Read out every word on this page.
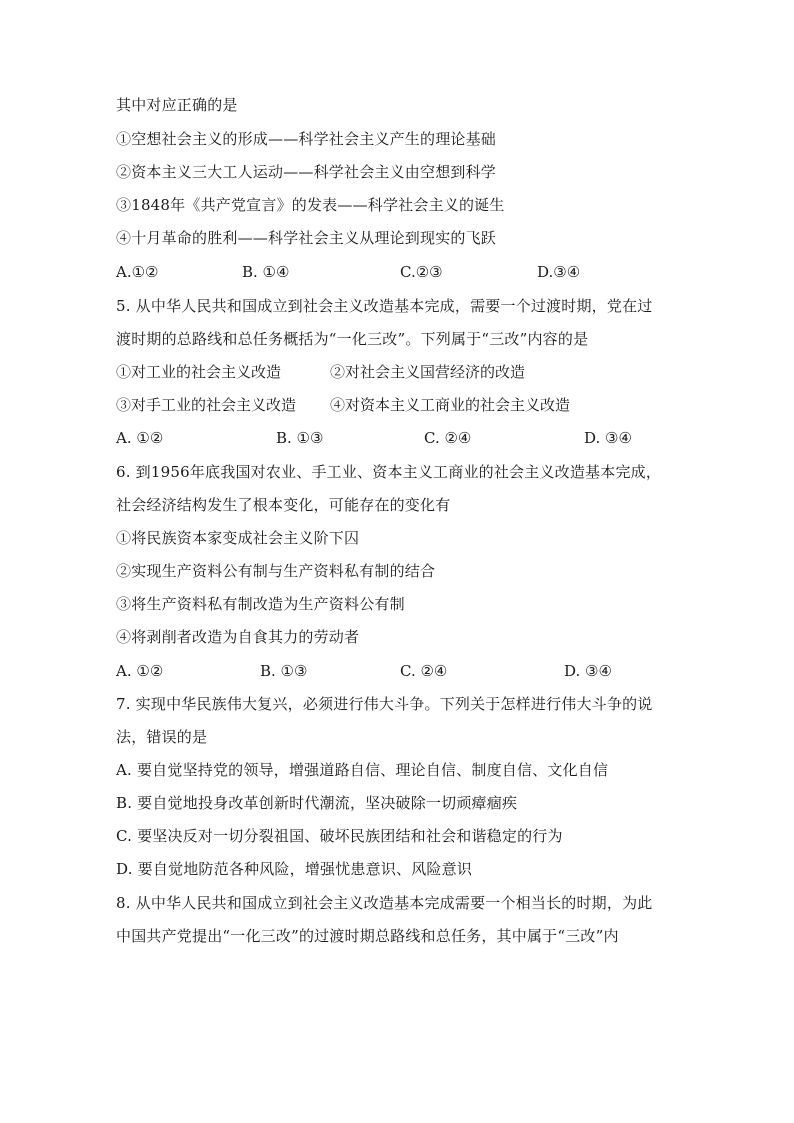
其中对应正确的是
①空想社会主义的形成——科学社会主义产生的理论基础
②资本主义三大工人运动——科学社会主义由空想到科学
③1848年《共产党宣言》的发表——科学社会主义的诞生
④十月革命的胜利——科学社会主义从理论到现实的飞跃
A.①②	B. ①④	C.②③	D.③④
5. 从中华人民共和国成立到社会主义改造基本完成，需要一个过渡时期，党在过
渡时期的总路线和总任务概括为“一化三改”。下列属于“三改”内容的是
①对工业的社会主义改造	②对社会主义国营经济的改造
③对手工业的社会主义改造 ④对资本主义工商业的社会主义改造
A. ①②	B. ①③	C. ②④	D. ③④
6. 到1956年底我国对农业、手工业、资本主义工商业的社会主义改造基本完成，
社会经济结构发生了根本变化，可能存在的变化有
①将民族资本家变成社会主义阶下囚
②实现生产资料公有制与生产资料私有制的结合
③将生产资料私有制改造为生产资料公有制
④将剥削者改造为自食其力的劳动者
A. ①②	B. ①③	C. ②④	D. ③④
7. 实现中华民族伟大复兴，必须进行伟大斗争。下列关于怎样进行伟大斗争的说
法，错误的是
A. 要自觉坚持党的领导，增强道路自信、理论自信、制度自信、文化自信
B. 要自觉地投身改革创新时代潮流，坚决破除一切顽瘴痼疾
C. 要坚决反对一切分裂祖国、破坏民族团结和社会和谐稳定的行为
D. 要自觉地防范各种风险，增强忧患意识、风险意识
8. 从中华人民共和国成立到社会主义改造基本完成需要一个相当长的时期，为此
中国共产党提出“一化三改”的过渡时期总路线和总任务，其中属于“三改”内
